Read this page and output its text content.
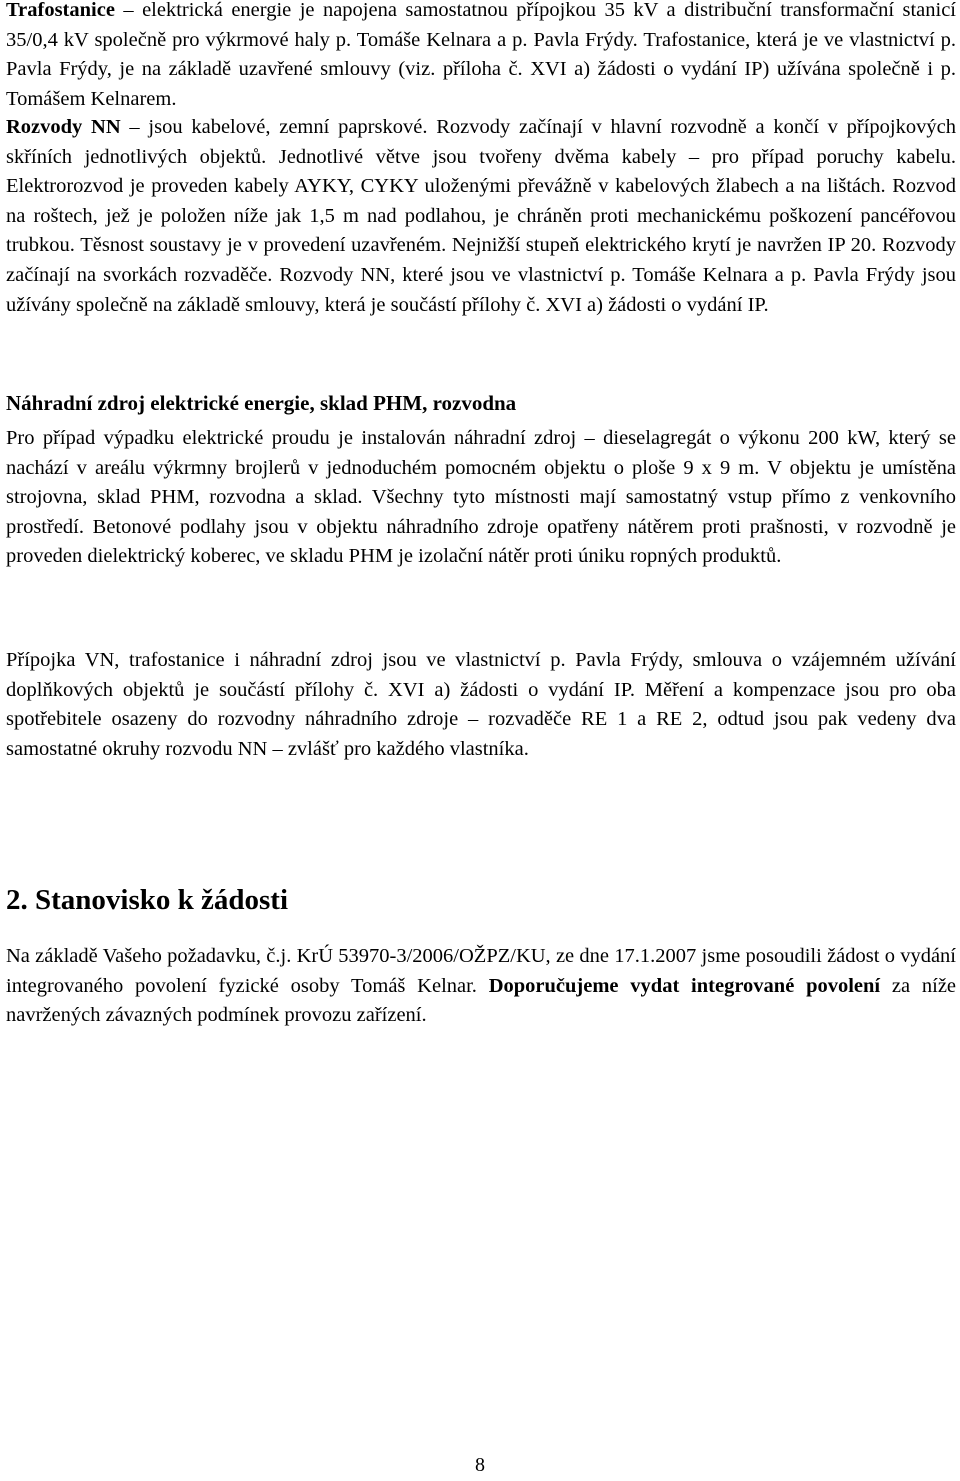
Trafostanice – elektrická energie je napojena samostatnou přípojkou 35 kV a distribuční transformační stanicí 35/0,4 kV společně pro výkrmové haly p. Tomáše Kelnara a p. Pavla Frýdy. Trafostanice, která je ve vlastnictví p. Pavla Frýdy, je na základě uzavřené smlouvy (viz. příloha č. XVI a) žádosti o vydání IP) užívána společně i p. Tomášem Kelnarem.

Rozvody NN – jsou kabelové, zemní paprskové. Rozvody začínají v hlavní rozvodně a končí v přípojkových skříních jednotlivých objektů. Jednotlivé větve jsou tvořeny dvěma kabely – pro případ poruchy kabelu. Elektrorozvod je proveden kabely AYKY, CYKY uloženými převážně v kabelových žlabech a na lištách. Rozvod na roštech, jež je položen níže jak 1,5 m nad podlahou, je chráněn proti mechanickému poškození pancéřovou trubkou. Těsnost soustavy je v provedení uzavřeném. Nejnižší stupeň elektrického krytí je navržen IP 20. Rozvody začínají na svorkách rozvaděče. Rozvody NN, které jsou ve vlastnictví p. Tomáše Kelnara a p. Pavla Frýdy jsou užívány společně na základě smlouvy, která je součástí přílohy č. XVI a) žádosti o vydání IP.

Náhradní zdroj elektrické energie, sklad PHM, rozvodna

Pro případ výpadku elektrické proudu je instalován náhradní zdroj – dieselagregát o výkonu 200 kW, který se nachází v areálu výkrmny brojlerů v jednoduchém pomocném objektu o ploše 9 x 9 m. V objektu je umístěna strojovna, sklad PHM, rozvodna a sklad. Všechny tyto místnosti mají samostatný vstup přímo z venkovního prostředí. Betonové podlahy jsou v objektu náhradního zdroje opatřeny nátěrem proti prašnosti, v rozvodně je proveden dielektrický koberec, ve skladu PHM je izolační nátěr proti úniku ropných produktů.

Přípojka VN, trafostanice i náhradní zdroj jsou ve vlastnictví p. Pavla Frýdy, smlouva o vzájemném užívání doplňkových objektů je součástí přílohy č. XVI a) žádosti o vydání IP. Měření a kompenzace jsou pro oba spotřebitele osazeny do rozvodny náhradního zdroje – rozvaděče RE 1 a RE 2, odtud jsou pak vedeny dva samostatné okruhy rozvodu NN – zvlášť pro každého vlastníka.

2. Stanovisko k žádosti

Na základě Vašeho požadavku, č.j. KrÚ 53970-3/2006/OŽPZ/KU, ze dne 17.1.2007 jsme posoudili žádost o vydání integrovaného povolení fyzické osoby Tomáš Kelnar. Doporučujeme vydat integrované povolení za níže navržených závazných podmínek provozu zařízení.

8
